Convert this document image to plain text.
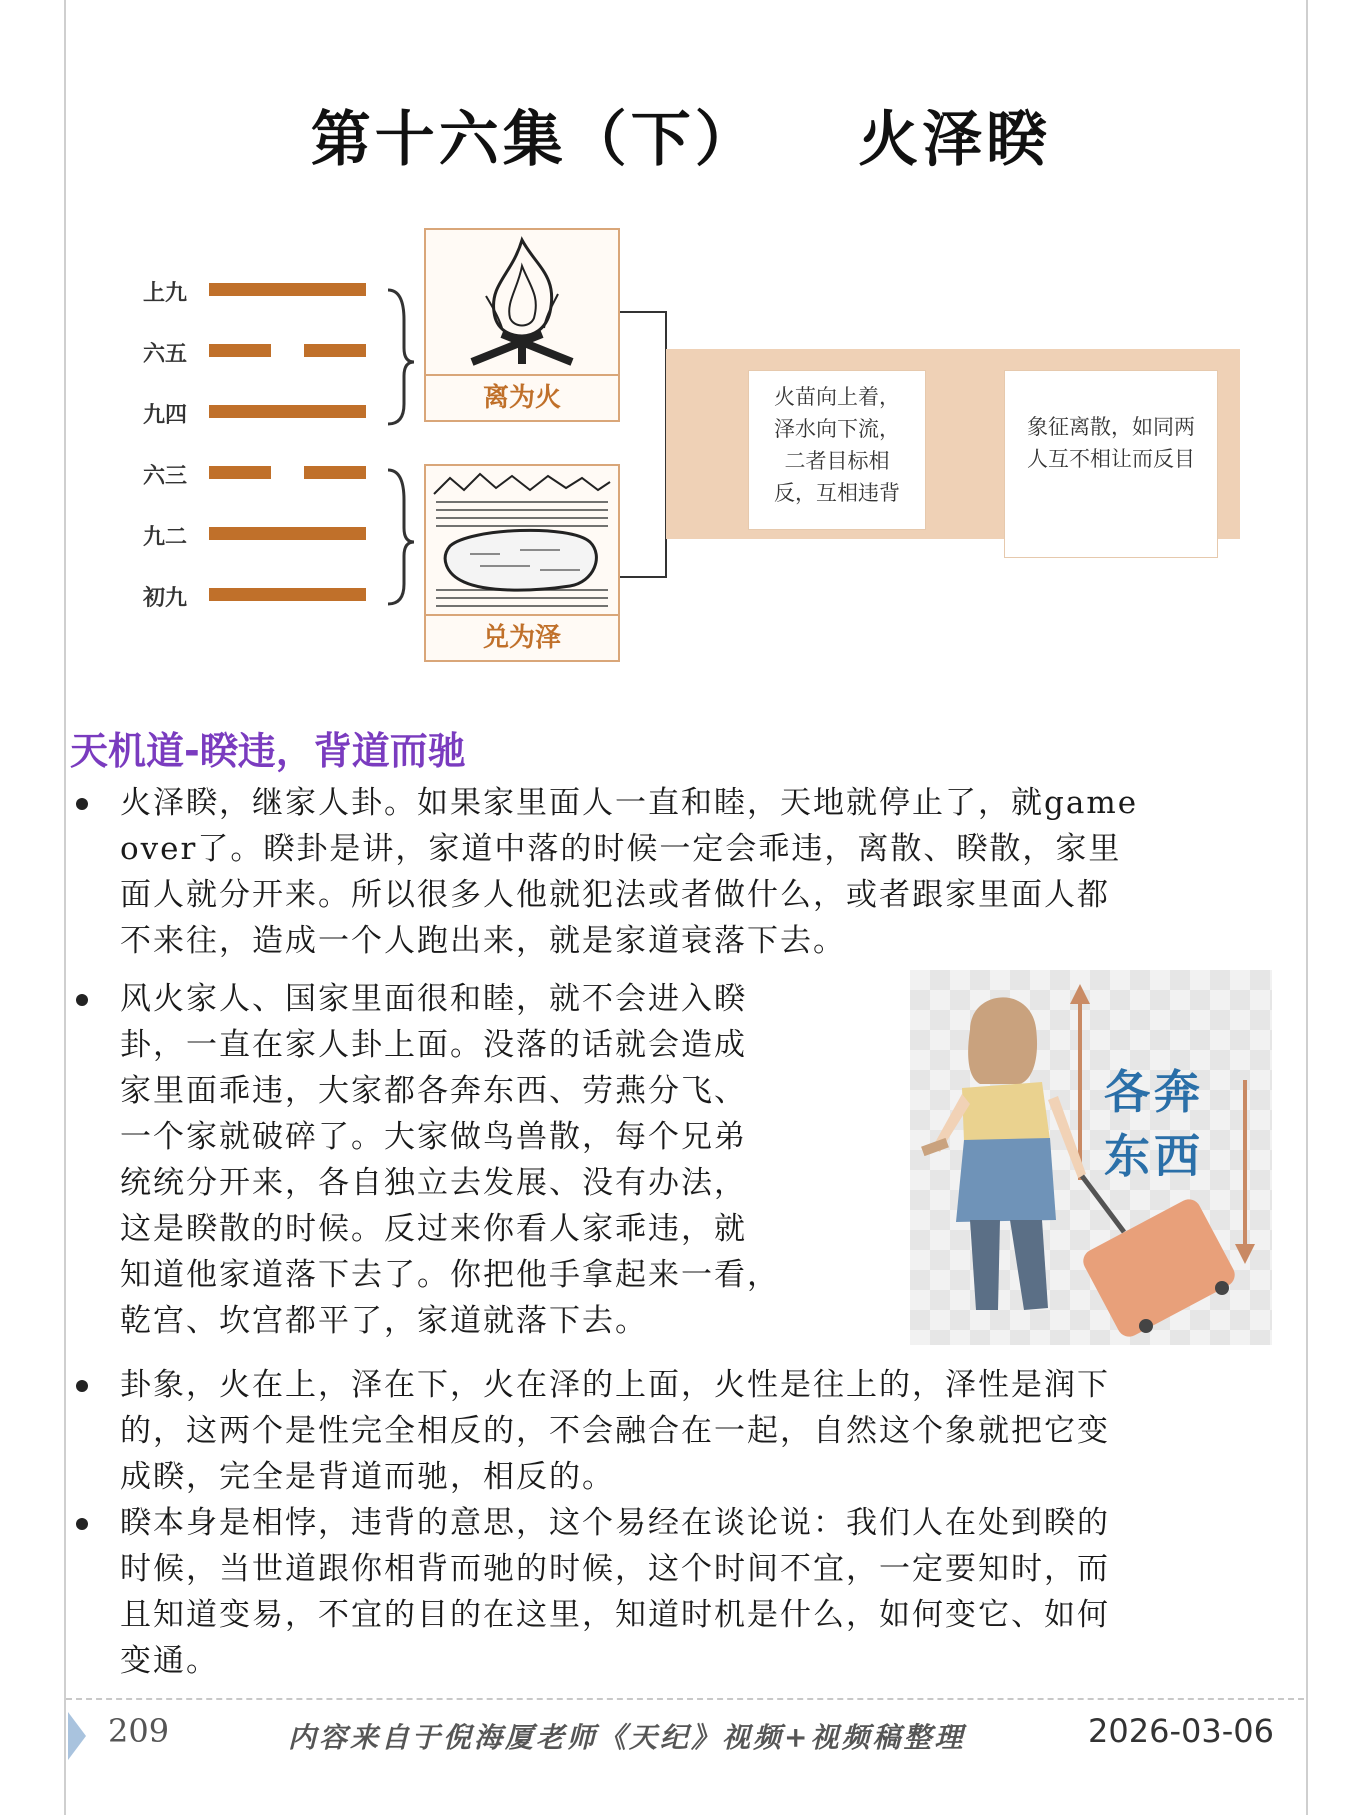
第十六集（下）    火泽睽
上九
六五
九四
六三
九二
初九
离为火
兑为泽
火苗向上着，
泽水向下流，
二者目标相
反，互相违背
象征离散，如同两
人互不相让而反目
天机道-睽违，背道而驰
火泽睽，继家人卦。如果家里面人一直和睦，天地就停止了，就game
over了。睽卦是讲，家道中落的时候一定会乖违，离散、睽散，家里
面人就分开来。所以很多人他就犯法或者做什么，或者跟家里面人都
不来往，造成一个人跑出来，就是家道衰落下去。
风火家人、国家里面很和睦，就不会进入睽
卦，一直在家人卦上面。没落的话就会造成
家里面乖违，大家都各奔东西、劳燕分飞、
一个家就破碎了。大家做鸟兽散，每个兄弟
统统分开来，各自独立去发展、没有办法，
这是睽散的时候。反过来你看人家乖违，就
知道他家道落下去了。你把他手拿起来一看，
乾宫、坎宫都平了，家道就落下去。
各奔
东西
卦象，火在上，泽在下，火在泽的上面，火性是往上的，泽性是润下
的，这两个是性完全相反的，不会融合在一起，自然这个象就把它变
成睽，完全是背道而驰，相反的。
睽本身是相悖，违背的意思，这个易经在谈论说：我们人在处到睽的
时候，当世道跟你相背而驰的时候，这个时间不宜，一定要知时，而
且知道变易，不宜的目的在这里，知道时机是什么，如何变它、如何
变通。
209	内容来自于倪海厦老师《天纪》视频+视频稿整理	2026-03-06
